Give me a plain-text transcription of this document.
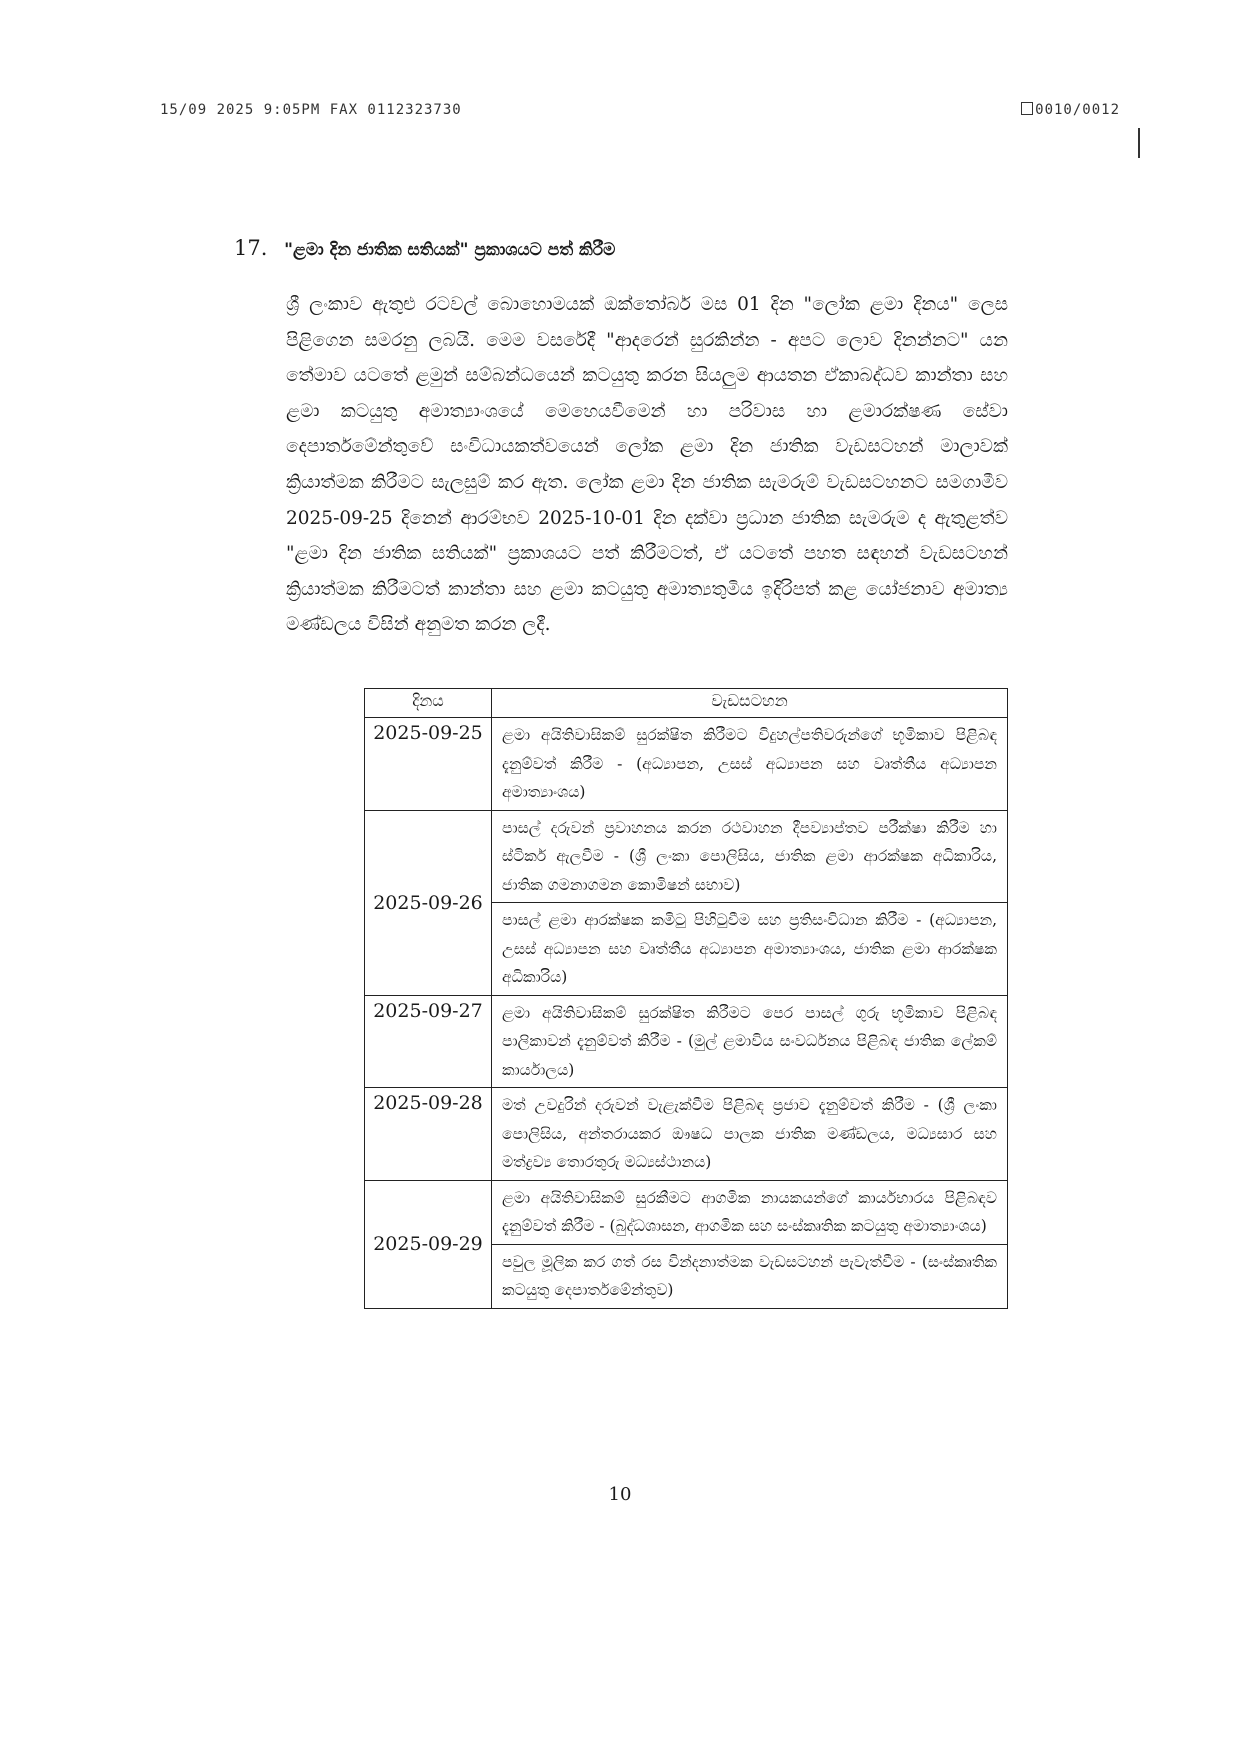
15/09 2025 9:05PM FAX 0112323730	0010/0012
17. "ළමා දින ජාතික සතියක්" ප්‍රකාශයට පත් කිරීම
ශ්‍රී ලංකාව ඇතුළු රටවල් බොහොමයක් ඔක්තෝබර් මස 01 දින "ලෝක ළමා දිනය" ලෙස පිළිගෙන සමරනු ලබයි. මෙම වසරේදී "ආදරෙන් සුරකින්න - අපට ලොව දිනන්නට" යන තේමාව යටතේ ළමුන් සම්බන්ධයෙන් කටයුතු කරන සියලුම ආයතන ඒකාබද්ධව කාන්තා සහ ළමා කටයුතු අමාත්‍යාංශයේ මෙහෙයවීමෙන් හා පරිවාස හා ළමාරක්ෂණ සේවා දෙපාර්තමේන්තුවේ සංවිධායකත්වයෙන් ලෝක ළමා දින ජාතික වැඩසටහන් මාලාවක් ක්‍රියාත්මක කිරීමට සැලසුම් කර ඇත. ලෝක ළමා දින ජාතික සැමරුම් වැඩසටහනට සමගාමීව 2025-09-25 දිනෙන් ආරම්භව 2025-10-01 දින දක්වා ප්‍රධාන ජාතික සැමරුම ද ඇතුළත්ව "ළමා දින ජාතික සතියක්" ප්‍රකාශයට පත් කිරීමටත්, ඒ යටතේ පහත සඳහන් වැඩසටහන් ක්‍රියාත්මක කිරීමටත් කාන්තා සහ ළමා කටයුතු අමාත්‍යතුමිය ඉදිරිපත් කළ යෝජනාව අමාත්‍ය මණ්ඩලය විසින් අනුමත කරන ලදී.
දිනය	වැඩසටහන
2025-09-25	ළමා අයිතිවාසිකම් සුරක්ෂිත කිරීමට විදුහල්පතිවරුන්ගේ භූමිකාව පිළිබඳ දැනුම්වත් කිරීම - (අධ්‍යාපන, උසස් අධ්‍යාපන සහ වෘත්තීය අධ්‍යාපන අමාත්‍යාංශය)
2025-09-26	පාසල් දරුවන් ප්‍රවාහනය කරන රථවාහන දීපව්‍යාප්තව පරීක්ෂා කිරීම හා ස්ටිකර් ඇලවීම - (ශ්‍රී ලංකා පොලිසිය, ජාතික ළමා ආරක්ෂක අධිකාරිය, ජාතික ගමනාගමන කොමිෂන් සභාව)
	පාසල් ළමා ආරක්ෂක කමිටු පිහිටුවීම සහ ප්‍රතිසංවිධාන කිරීම - (අධ්‍යාපන, උසස් අධ්‍යාපන සහ වෘත්තීය අධ්‍යාපන අමාත්‍යාංශය, ජාතික ළමා ආරක්ෂක අධිකාරිය)
2025-09-27	ළමා අයිතිවාසිකම් සුරක්ෂිත කිරීමට පෙර පාසල් ගුරු භූමිකාව පිළිබඳ පාලිකාවන් දැනුම්වත් කිරීම - (මුල් ළමාවිය සංවර්ධනය පිළිබඳ ජාතික ලේකම් කාර්යාලය)
2025-09-28	මත් උවදුරින් දරුවන් වැළැක්වීම පිළිබඳ ප්‍රජාව දැනුම්වත් කිරීම - (ශ්‍රී ලංකා පොලිසිය, අන්තරායකර ඖෂධ පාලක ජාතික මණ්ඩලය, මධ්‍යසාර සහ මත්ද්‍රව්‍ය තොරතුරු මධ්‍යස්ථානය)
2025-09-29	ළමා අයිතිවාසිකම් සුරකීමට ආගමික නායකයන්ගේ කාර්යභාරය පිළිබඳව දැනුම්වත් කිරීම - (බුද්ධශාසන, ආගමික සහ සංස්කෘතික කටයුතු අමාත්‍යාංශය)
	පවුල මූලික කර ගත් රස වින්දනාත්මක වැඩසටහන් පැවැත්වීම - (සංස්කෘතික කටයුතු දෙපාර්තමේන්තුව)
10
